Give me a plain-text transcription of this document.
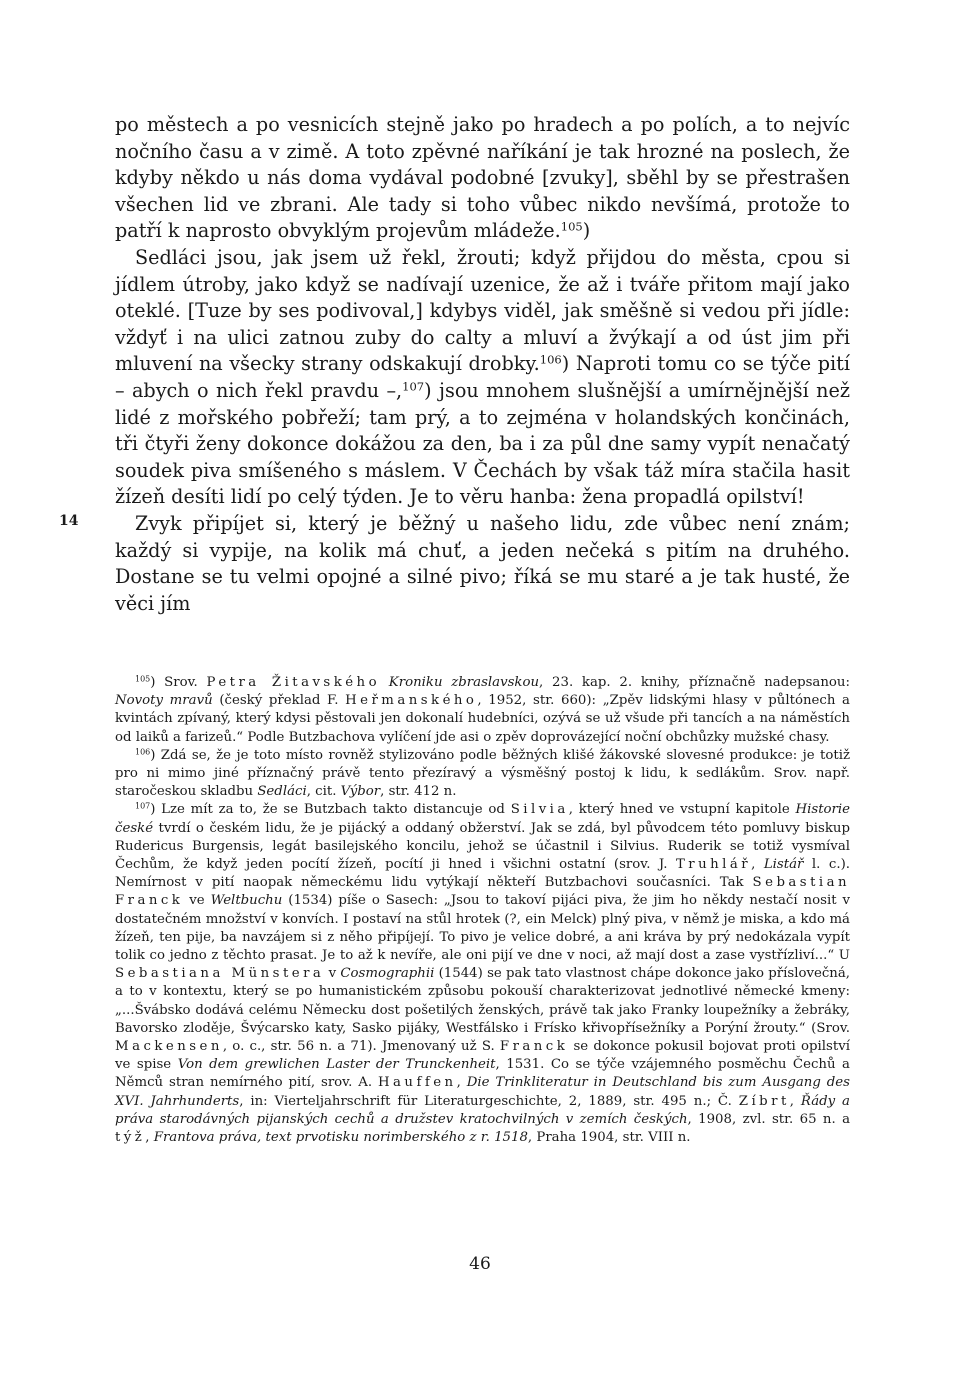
po městech a po vesnicích stejně jako po hradech a po polích, a to nejvíc nočního času a v zimě. A toto zpěvné naříkání je tak hrozné na poslech, že kdyby někdo u nás doma vydával podobné [zvuky], sběhl by se přestrašen všechen lid ve zbrani. Ale tady si toho vůbec nikdo nevšímá, protože to patří k naprosto obvyklým projevům mládeže.$^{105}$)

Sedláci jsou, jak jsem už řekl, žrouti; když přijdou do města, cpou si jídlem útroby, jako když se nadívají uzenice, že až i tváře přitom mají jako oteklé. [Tuze by ses podivoval,] kdybys viděl, jak směšně si vedou při jídle: vždyť i na ulici zatnou zuby do calty a mluví a žvýkají a od úst jim při mluvení na všecky strany odskakují drobky.$^{106}$) Naproti tomu co se týče pití – abych o nich řekl pravdu –,$^{107}$) jsou mnohem slušnější a umírnějnější než lidé z mořského pobřeží; tam prý, a to zejména v holandských končinách, tři čtyři ženy dokonce dokážou za den, ba i za půl dne samy vypít nenačatý soudek piva smíšeného s máslem. V Čechách by však táž míra stačila hasit žízeň desíti lidí po celý týden. Je to věru hanba: žena propadlá opilství!

14	Zvyk připíjet si, který je běžný u našeho lidu, zde vůbec není znám; každý si vypije, na kolik má chuť, a jeden nečeká s pitím na druhého. Dostane se tu velmi opojné a silné pivo; říká se mu staré a je tak husté, že věci jím

$^{105}$) Srov. Petra Žitavského Kroniku zbraslavskou, 23. kap. 2. knihy, příznačně nadepsanou: Novoty mravů (český překlad F. Heřmanského, 1952, str. 660): „Zpěv lidskými hlasy v půltónech a kvintách zpívaný, který kdysi pěstovali jen dokonalí hudebníci, ozývá se už všude při tancích a na náměstích od laiků a farizeů.“ Podle Butzbachova vylíčení jde asi o zpěv doprovázející noční obchůzky mužské chasy.

$^{106}$) Zdá se, že je toto místo rovněž stylizováno podle běžných klišé žákovské slovesné produkce: je totiž pro ni mimo jiné příznačný právě tento přezíravý a výsměšný postoj k lidu, k sedlákům. Srov. např. staročeskou skladbu Sedláci, cit. Výbor, str. 412 n.

$^{107}$) Lze mít za to, že se Butzbach takto distancuje od Silvia, který hned ve vstupní kapitole Historie české tvrdí o českém lidu, že je pijácký a oddaný obžerství. Jak se zdá, byl původcem této pomluvy biskup Rudericus Burgensis, legát basilejského koncilu, jehož se účastnil i Silvius. Ruderik se totiž vysmíval Čechům, že když jeden pocítí žízeň, pocítí ji hned i všichni ostatní (srov. J. Truhlář, Listář l. c.). Nemírnost v pití naopak německému lidu vytýkají někteří Butzbachovi současníci. Tak Sebastian Franck ve Weltbuchu (1534) píše o Sasech: „Jsou to takoví pijáci piva, že jim ho někdy nestačí nosit v dostatečném množství v konvích. I postaví na stůl hrotek (?, ein Melck) plný piva, v němž je miska, a kdo má žízeň, ten pije, ba navzájem si z něho připíjejí. To pivo je velice dobré, a ani kráva by prý nedokázala vypít tolik co jedno z těchto prasat. Je to až k nevíře, ale oni pijí ve dne v noci, až mají dost a zase vystřízliví...“ U Sebastiana Münstera v Cosmographii (1544) se pak tato vlastnost chápe dokonce jako příslovečná, a to v kontextu, který se po humanistickém způsobu pokouší charakterizovat jednotlivé německé kmeny: „...Švábsko dodává celému Německu dost pošetilých ženských, právě tak jako Franky loupežníky a žebráky, Bavorsko zloděje, Švýcarsko katy, Sasko pijáky, Westfálsko i Frísko křivopřísežníky a Porýní žrouty.“ (Srov. Mackensen, o. c., str. 56 n. a 71). Jmenovaný už S. Franck se dokonce pokusil bojovat proti opilství ve spise Von dem grewlichen Laster der Trunckenheit, 1531. Co se týče vzájemného posměchu Čechů a Němců stran nemírného pití, srov. A. Hauffen, Die Trinkliteratur in Deutschland bis zum Ausgang des XVI. Jahrhunderts, in: Vierteljahrschrift für Literaturgeschichte, 2, 1889, str. 495 n.; Č. Zíbrt, Řády a práva starodávných pijanských cechů a družstev kratochvilných v zemích českých, 1908, zvl. str. 65 n. a týž, Frantova práva, text prvotisku norimberského z r. 1518, Praha 1904, str. VIII n.

46
